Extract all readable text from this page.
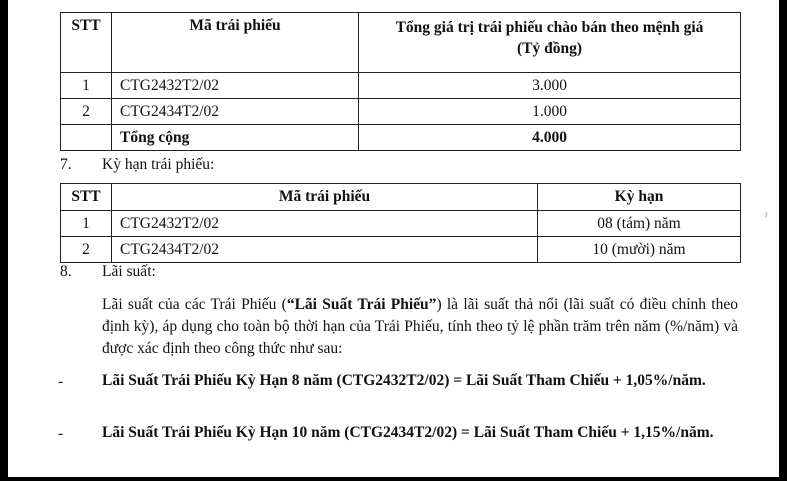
STT	Mã trái phiếu	Tổng giá trị trái phiếu chào bán theo mệnh giá
(Tỷ đồng)

1	CTG2432T2/02	3.000
2	CTG2434T2/02	1.000
	Tổng cộng	4.000
7. Kỳ hạn trái phiếu:
STT	Mã trái phiếu	Kỳ hạn
1	CTG2432T2/02	08 (tám) năm
2	CTG2434T2/02	10 (mười) năm
8. Lãi suất:
Lãi suất của các Trái Phiếu (“Lãi Suất Trái Phiếu”) là lãi suất thả nổi (lãi suất có điều chỉnh theo định kỳ), áp dụng cho toàn bộ thời hạn của Trái Phiếu, tính theo tỷ lệ phần trăm trên năm (%/năm) và được xác định theo công thức như sau:
-	Lãi Suất Trái Phiếu Kỳ Hạn 8 năm (CTG2432T2/02) = Lãi Suất Tham Chiếu + 1,05%/năm.
-	Lãi Suất Trái Phiếu Kỳ Hạn 10 năm (CTG2434T2/02) = Lãi Suất Tham Chiếu + 1,15%/năm.
ˀ
